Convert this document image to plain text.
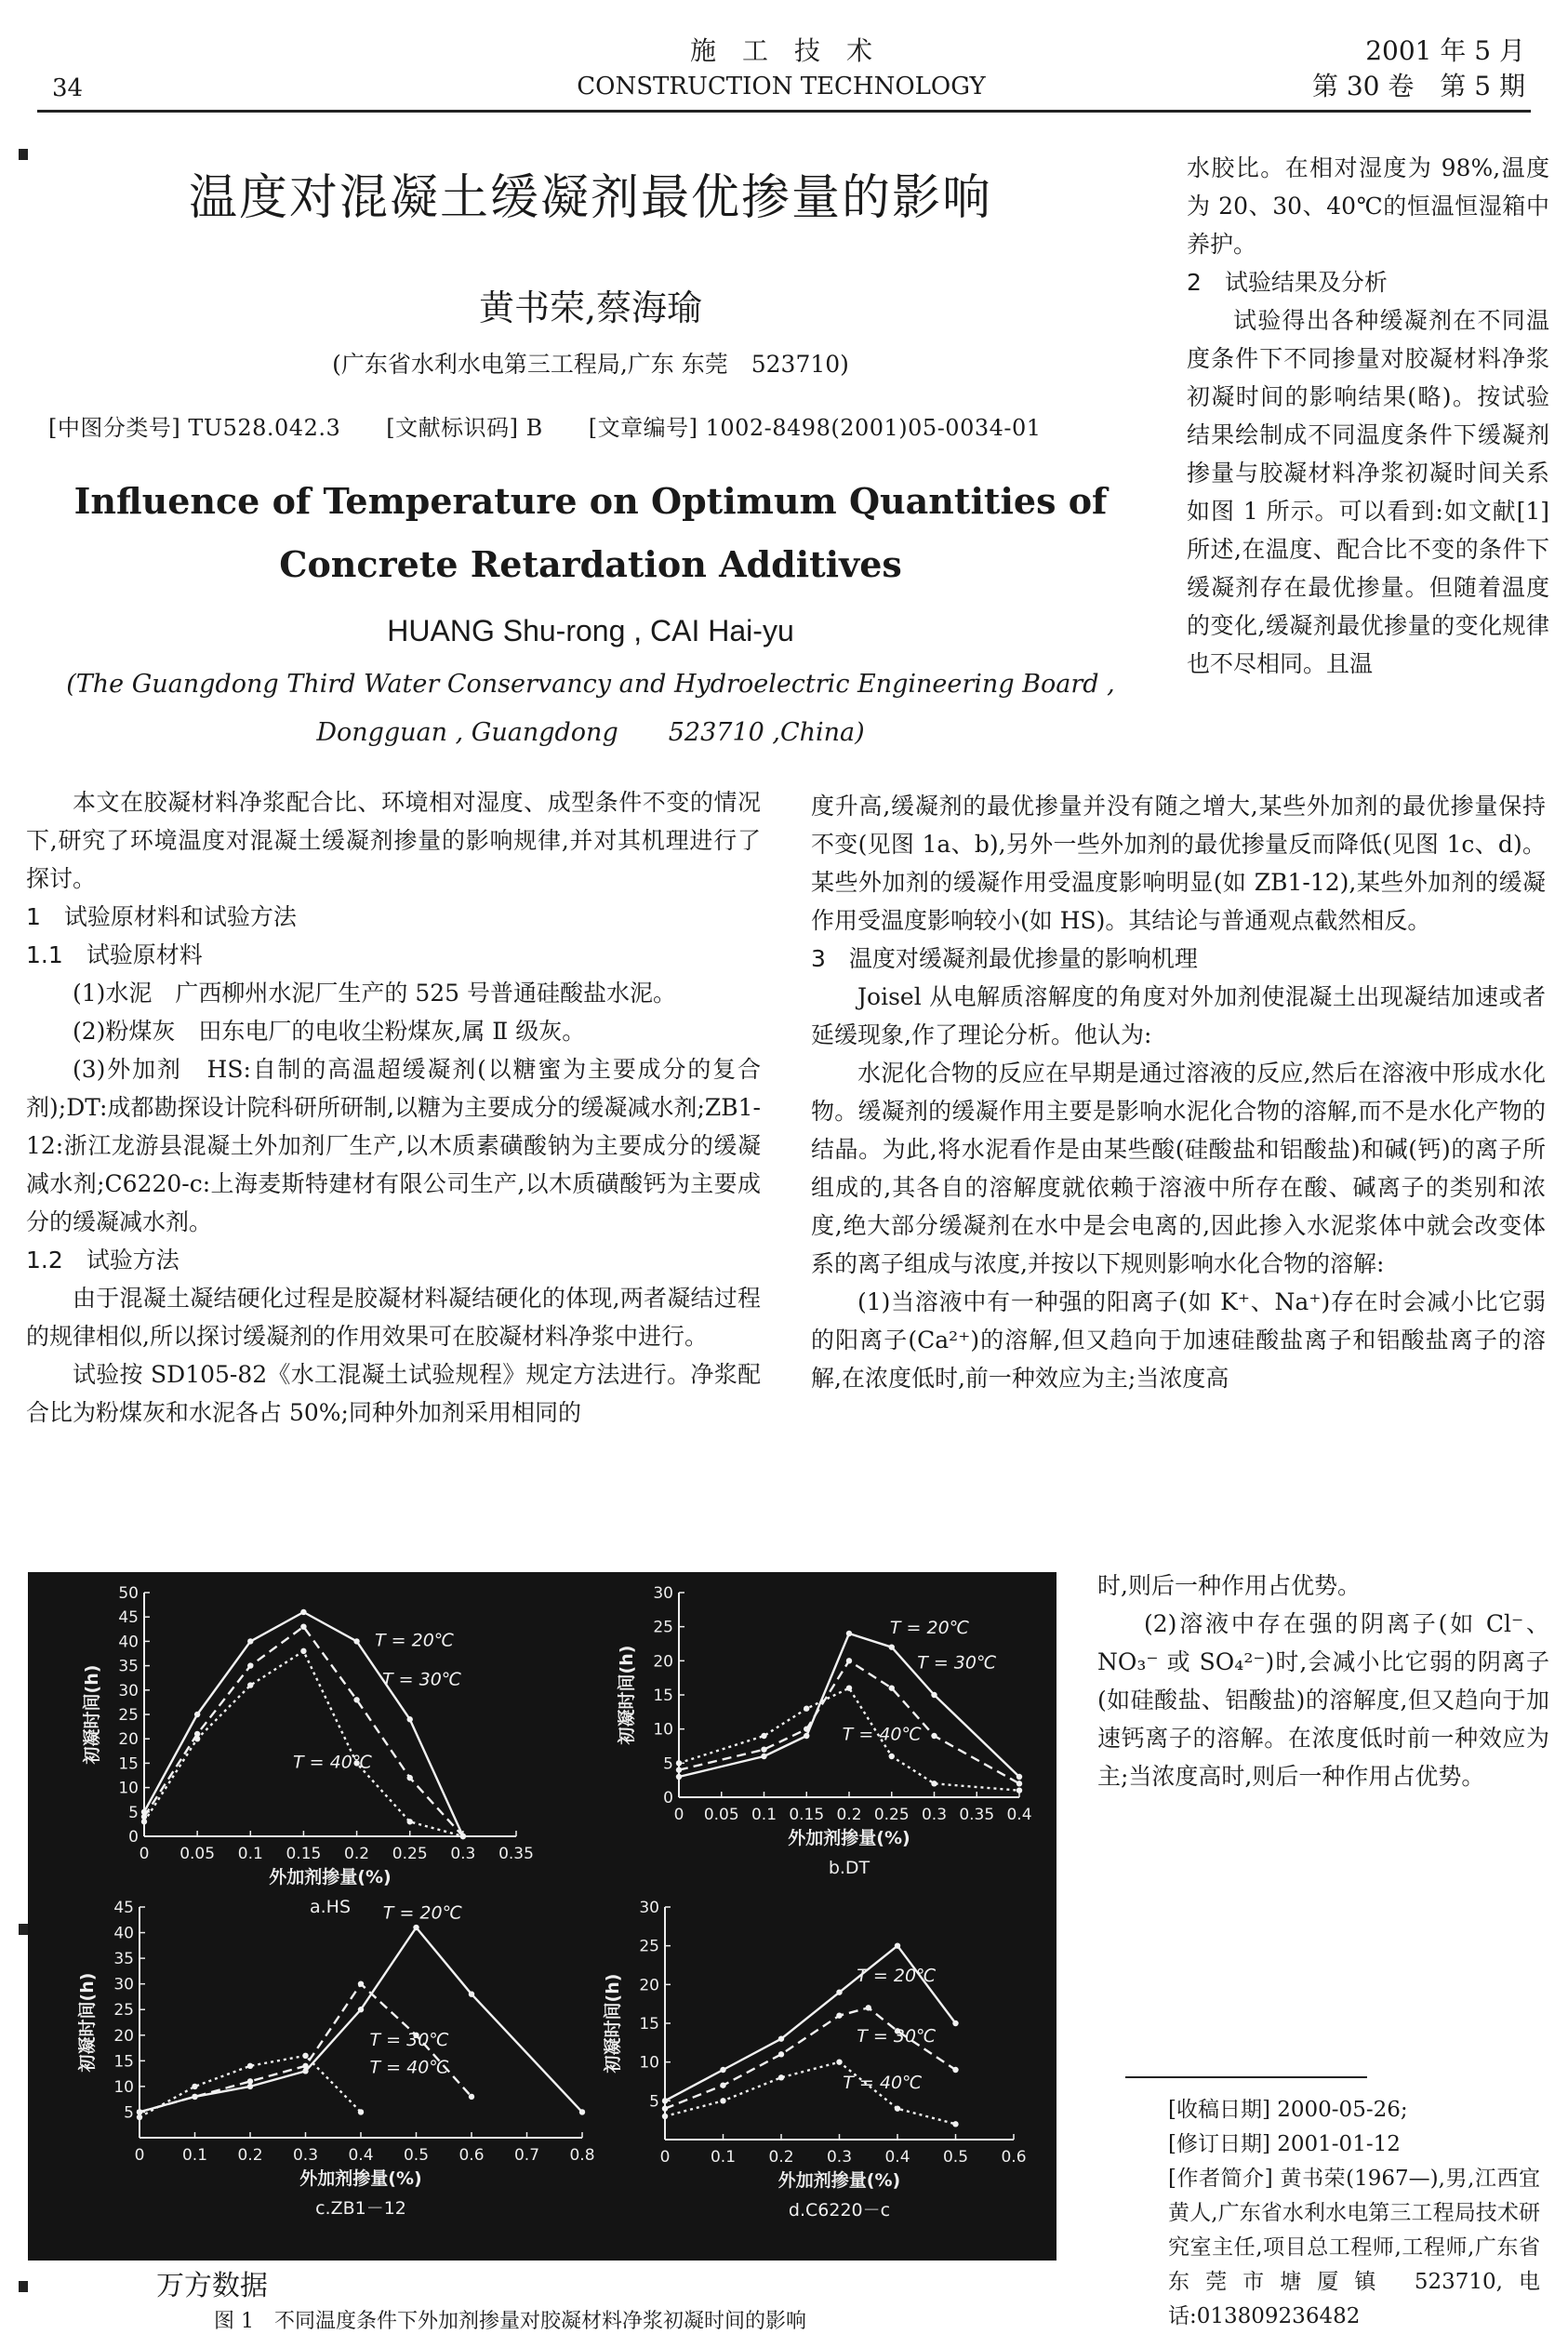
34
施　工　技　术
CONSTRUCTION TECHNOLOGY
2001 年 5 月
第 30 卷　第 5 期
温度对混凝土缓凝剂最优掺量的影响
黄书荣,蔡海瑜
(广东省水利水电第三工程局,广东 东莞　523710)
[中图分类号] TU528.042.3　　[文献标识码] B　　[文章编号] 1002-8498(2001)05-0034-01
Influence of Temperature on Optimum Quantities of
Concrete Retardation Additives
HUANG Shu-rong , CAI Hai-yu
(The Guangdong Third Water Conservancy and Hydroelectric Engineering Board ,
Dongguan , Guangdong　　523710 ,China)

水胶比。在相对湿度为 98%,温度为 20、30、40℃的恒温恒湿箱中养护。

2　试验结果及分析

试验得出各种缓凝剂在不同温度条件下不同掺量对胶凝材料净浆初凝时间的影响结果(略)。按试验结果绘制成不同温度条件下缓凝剂掺量与胶凝材料净浆初凝时间关系如图 1 所示。可以看到:如文献[1]所述,在温度、配合比不变的条件下缓凝剂存在最优掺量。但随着温度的变化,缓凝剂最优掺量的变化规律也不尽相同。且温

本文在胶凝材料净浆配合比、环境相对湿度、成型条件不变的情况下,研究了环境温度对混凝土缓凝剂掺量的影响规律,并对其机理进行了探讨。

1　试验原材料和试验方法

1.1　试验原材料

(1)水泥　广西柳州水泥厂生产的 525 号普通硅酸盐水泥。

(2)粉煤灰　田东电厂的电收尘粉煤灰,属 Ⅱ 级灰。

(3)外加剂　HS:自制的高温超缓凝剂(以糖蜜为主要成分的复合剂);DT:成都勘探设计院科研所研制,以糖为主要成分的缓凝减水剂;ZB1-12:浙江龙游县混凝土外加剂厂生产,以木质素磺酸钠为主要成分的缓凝减水剂;C6220-c:上海麦斯特建材有限公司生产,以木质磺酸钙为主要成分的缓凝减水剂。

1.2　试验方法

由于混凝土凝结硬化过程是胶凝材料凝结硬化的体现,两者凝结过程的规律相似,所以探讨缓凝剂的作用效果可在胶凝材料净浆中进行。

试验按 SD105-82《水工混凝土试验规程》规定方法进行。净浆配合比为粉煤灰和水泥各占 50%;同种外加剂采用相同的

度升高,缓凝剂的最优掺量并没有随之增大,某些外加剂的最优掺量保持不变(见图 1a、b),另外一些外加剂的最优掺量反而降低(见图 1c、d)。某些外加剂的缓凝作用受温度影响明显(如 ZB1-12),某些外加剂的缓凝作用受温度影响较小(如 HS)。其结论与普通观点截然相反。

3　温度对缓凝剂最优掺量的影响机理

Joisel 从电解质溶解度的角度对外加剂使混凝土出现凝结加速或者延缓现象,作了理论分析。他认为:

水泥化合物的反应在早期是通过溶液的反应,然后在溶液中形成水化物。缓凝剂的缓凝作用主要是影响水泥化合物的溶解,而不是水化产物的结晶。为此,将水泥看作是由某些酸(硅酸盐和铝酸盐)和碱(钙)的离子所组成的,其各自的溶解度就依赖于溶液中所存在酸、碱离子的类别和浓度,绝大部分缓凝剂在水中是会电离的,因此掺入水泥浆体中就会改变体系的离子组成与浓度,并按以下规则影响水化合物的溶解:

(1)当溶液中有一种强的阳离子(如 K⁺、Na⁺)存在时会减小比它弱的阳离子(Ca²⁺)的溶解,但又趋向于加速硅酸盐离子和铝酸盐离子的溶解,在浓度低时,前一种效应为主;当浓度高

时,则后一种作用占优势。

(2)溶液中存在强的阴离子(如 Cl⁻、NO₃⁻ 或 SO₄²⁻)时,会减小比它弱的阴离子(如硅酸盐、铝酸盐)的溶解度,但又趋向于加速钙离子的溶解。在浓度低时前一种效应为主;当浓度高时,则后一种作用占优势。

0
5
10
15
20
25
30
35
40
45
50
0 0.05 0.1 0.15 0.2 0.25 0.3 0.35
外加剂掺量(%)
初凝时间(h)
a.HS
T = 20℃
T = 30℃
T = 40℃
0
5
10
15
20
25
30
0 0.05 0.1 0.15 0.2 0.25 0.3 0.35 0.4
外加剂掺量(%)
初凝时间(h)
b.DT
T = 20℃
T = 30℃
T = 40℃
5
10
15
20
25
30
35
40
45
0 0.1 0.2 0.3 0.4 0.5 0.6 0.7 0.8
外加剂掺量(%)
初凝时间(h)
c.ZB1－12
T = 20℃
T = 30℃
T = 40℃
5
10
15
20
25
30
0	0.1 0.2 0.3 0.4 0.5 0.6
外加剂掺量(%)
初凝时间(h)
d.C6220－c
T = 20℃
T = 30℃
T = 40℃
万方数据
图 1　不同温度条件下外加剂掺量对胶凝材料净浆初凝时间的影响
[收稿日期] 2000-05-26;
[修订日期] 2001-01-12
[作者简介] 黄书荣(1967—),男,江西宜黄人,广东省水利水电第三工程局技术研究室主任,项目总工程师,工程师,广东省东莞市塘厦镇 523710,电话:013809236482
